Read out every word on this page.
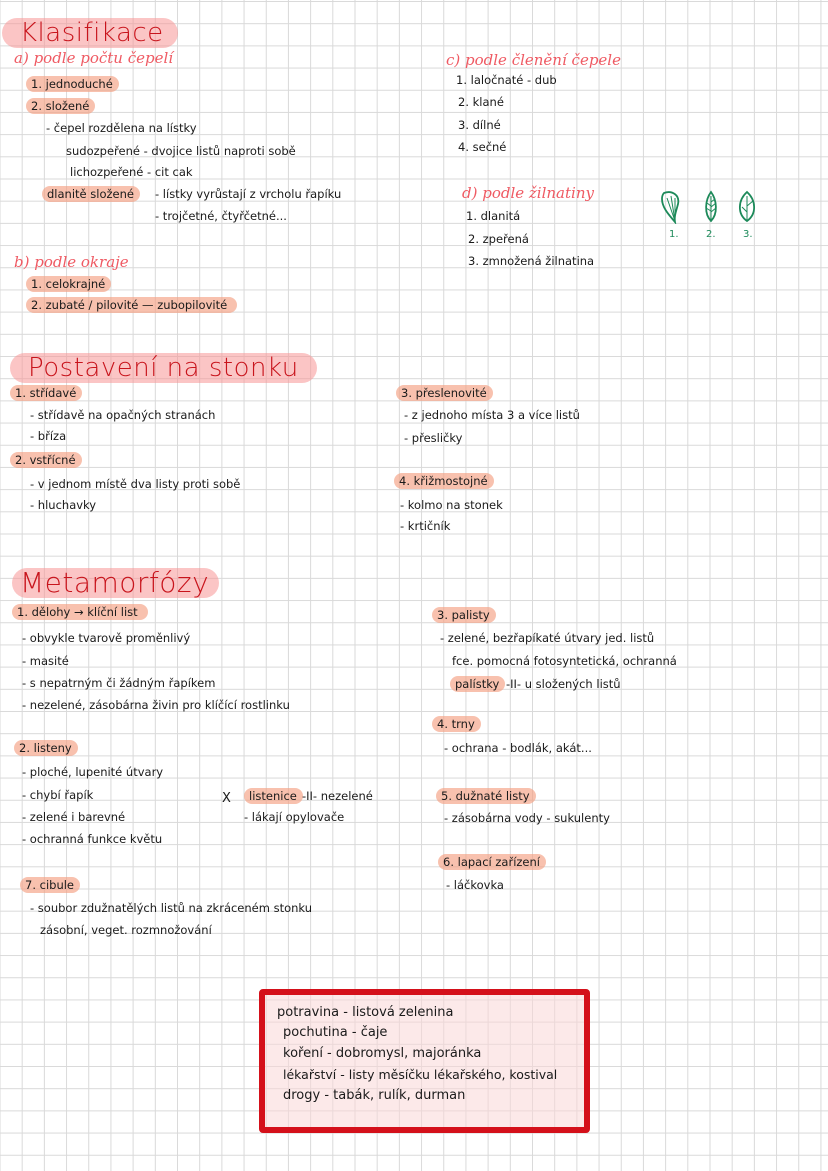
Klasifikace
a) podle počtu čepelí
1. jednoduché
2. složené
- čepel rozdělena na lístky
sudozpeřené - dvojice listů naproti sobě
lichozpeřené - cit cak
dlanitě složené	- lístky vyrůstají z vrcholu řapíku
- trojčetné, čtyřčetné...
b) podle okraje
1. celokrajné
2. zubaté / pilovité — zubopilovité
c) podle členění čepele
1. laločnaté - dub
2. klané
3. dílné
4. sečné
d) podle žilnatiny
1. dlanitá
2. zpeřená
3. zmnožená žilnatina
1.	2.	3.
Postavení na stonku
1. střídavé
- střídavě na opačných stranách
- bříza
2. vstřícné
- v jednom místě dva listy proti sobě
- hluchavky
3. přeslenovité
- z jednoho místa 3 a více listů
- přesličky
4. křižmostojné
- kolmo na stonek
- krtičník
Metamorfózy
1. dělohy → klíční list
- obvykle tvarově proměnlivý
- masité
- s nepatrným či žádným řapíkem
- nezelené, zásobárna živin pro klíčící rostlinku
2. listeny
- ploché, lupenité útvary
- chybí řapík
- zelené i barevné
- ochranná funkce květu
X	listenice -II- nezelené
- lákají opylovače
7. cibule
- soubor zdužnatělých listů na zkráceném stonku
zásobní, veget. rozmnožování
3. palisty
- zelené, bezřapíkaté útvary jed. listů
fce. pomocná fotosyntetická, ochranná
palístky -II- u složených listů
4. trny
- ochrana - bodlák, akát...
5. dužnaté listy
- zásobárna vody - sukulenty
6. lapací zařízení
- láčkovka
potravina - listová zelenina
pochutina - čaje
koření - dobromysl, majoránka
lékařství - listy měsíčku lékařského, kostival
drogy - tabák, rulík, durman
